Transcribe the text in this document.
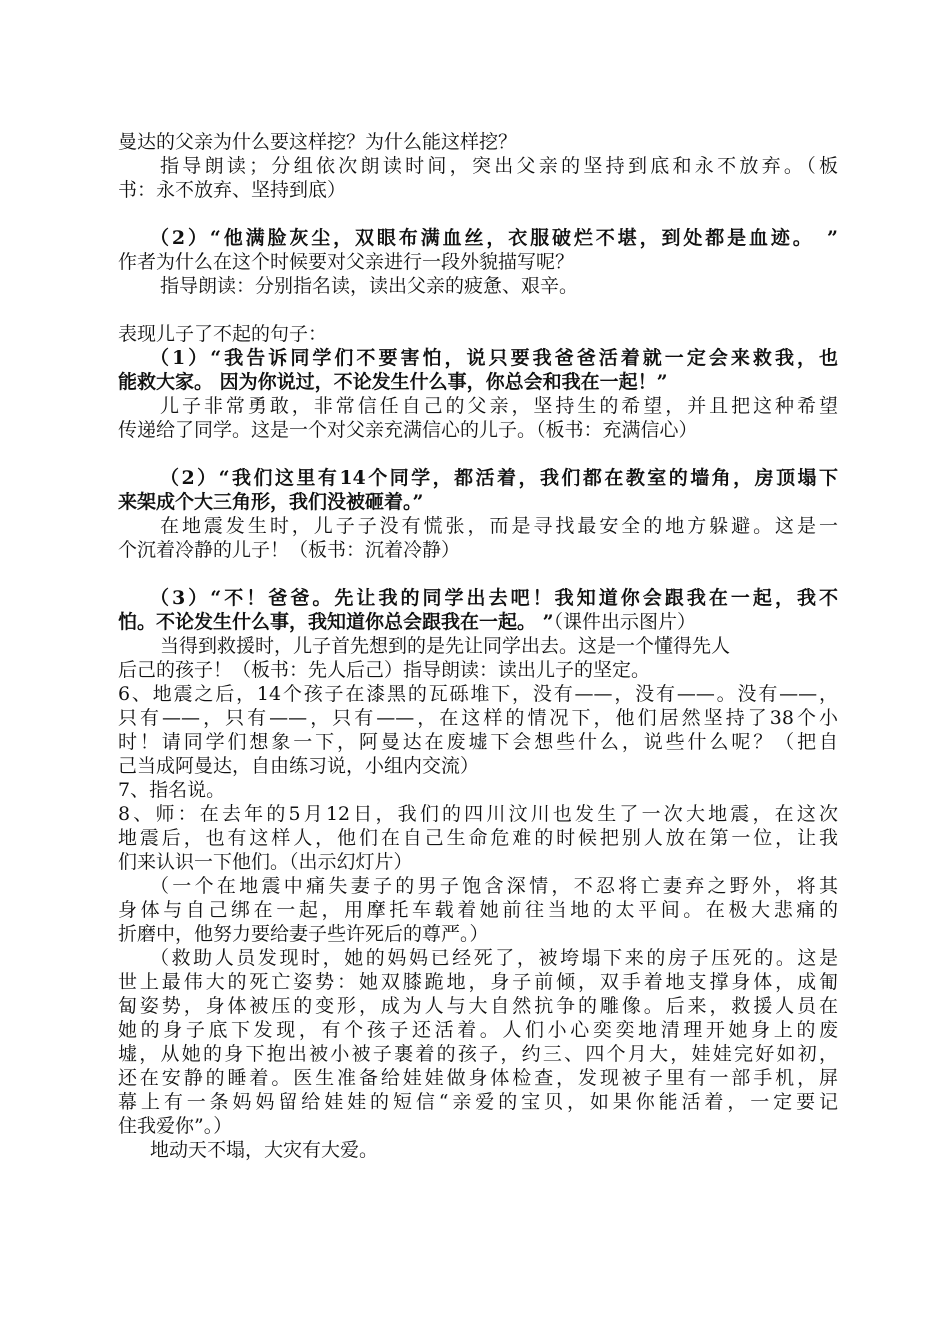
曼达的父亲为什么要这样挖？为什么能这样挖？
指导朗读；分组依次朗读时间，突出父亲的坚持到底和永不放弃。（板
书：永不放弃、坚持到底）
（2）“他满脸灰尘，双眼布满血丝，衣服破烂不堪，到处都是血迹。　”
作者为什么在这个时候要对父亲进行一段外貌描写呢？
指导朗读：分别指名读，读出父亲的疲惫、艰辛。
表现儿子了不起的句子：
（1）“我告诉同学们不要害怕，说只要我爸爸活着就一定会来救我，也
能救大家。 因为你说过，不论发生什么事，你总会和我在一起！”
儿子非常勇敢，非常信任自己的父亲，坚持生的希望，并且把这种希望
传递给了同学。这是一个对父亲充满信心的儿子。（板书：充满信心）
（2）“我们这里有14个同学，都活着，我们都在教室的墙角，房顶塌下
来架成个大三角形，我们没被砸着。”
在地震发生时，儿子子没有慌张，而是寻找最安全的地方躲避。这是一
个沉着冷静的儿子！（板书：沉着冷静）
（3）“不！爸爸。先让我的同学出去吧！我知道你会跟我在一起，我不
怕。不论发生什么事，我知道你总会跟我在一起。 ”（课件出示图片）
当得到救援时，儿子首先想到的是先让同学出去。这是一个懂得先人
后己的孩子！（板书：先人后己）指导朗读：读出儿子的坚定。
6、地震之后，14个孩子在漆黑的瓦砾堆下，没有——，没有——。没有——，
只有——，只有——，只有——，在这样的情况下，他们居然坚持了38个小
时！请同学们想象一下，阿曼达在废墟下会想些什么，说些什么呢？（把自
己当成阿曼达，自由练习说，小组内交流）
7、指名说。
8、师：在去年的5月12日，我们的四川汶川也发生了一次大地震，在这次
地震后，也有这样人，他们在自己生命危难的时候把别人放在第一位，让我
们来认识一下他们。（出示幻灯片）
（一个在地震中痛失妻子的男子饱含深情，不忍将亡妻弃之野外，将其
身体与自己绑在一起，用摩托车载着她前往当地的太平间。在极大悲痛的
折磨中，他努力要给妻子些许死后的尊严。）
（救助人员发现时，她的妈妈已经死了，被垮塌下来的房子压死的。这是
世上最伟大的死亡姿势：她双膝跪地，身子前倾，双手着地支撑身体，成匍
匐姿势，身体被压的变形，成为人与大自然抗争的雕像。后来，救援人员在
她的身子底下发现，有个孩子还活着。人们小心奕奕地清理开她身上的废
墟，从她的身下抱出被小被子裹着的孩子，约三、四个月大，娃娃完好如初，
还在安静的睡着。医生准备给娃娃做身体检查，发现被子里有一部手机，屏
幕上有一条妈妈留给娃娃的短信“亲爱的宝贝，如果你能活着，一定要记
住我爱你”。）
地动天不塌，大灾有大爱。
